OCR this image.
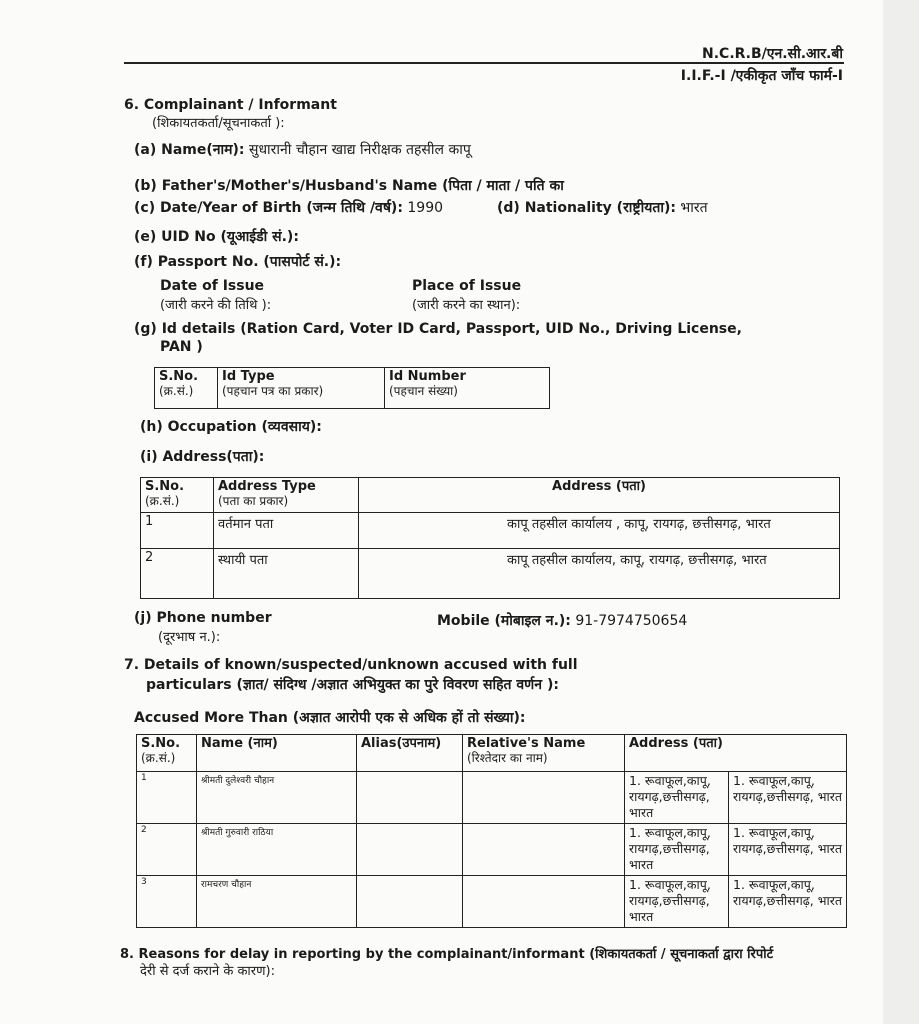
N.C.R.B/एन.सी.आर.बी
I.I.F.-I /एकीकृत जाँच फार्म-I
6. Complainant / Informant
(शिकायतकर्ता/सूचनाकर्ता ):
(a) Name(नाम): सुधारानी चौहान खाद्य निरीक्षक तहसील कापू
(b) Father's/Mother's/Husband's Name (पिता / माता / पति का
(c) Date/Year of Birth (जन्म तिथि /वर्ष): 1990	(d) Nationality (राष्ट्रीयता): भारत
(e) UID No (यूआईडी सं.):
(f) Passport No. (पासपोर्ट सं.):
Date of Issue
(जारी करने की तिथि ):
Place of Issue
(जारी करने का स्थान):
(g) Id details (Ration Card, Voter ID Card, Passport, UID No., Driving License,
PAN )
S.No.
(क्र.सं.)
	Id Type
(पहचान पत्र का प्रकार)
	Id Number
(पहचान संख्या)
(h) Occupation (व्यवसाय):
(i) Address(पता):
S.No.
(क्र.सं.)	Address Type
(पता का प्रकार)	Address (पता)
1	वर्तमान पता	कापू तहसील कार्यालय , कापू, रायगढ़, छत्तीसगढ़, भारत
2	स्थायी पता	कापू तहसील कार्यालय, कापू, रायगढ़, छत्तीसगढ़, भारत
(j) Phone number
(दूरभाष न.):
Mobile (मोबाइल न.): 91-7974750654
7. Details of known/suspected/unknown accused with full
particulars (ज्ञात/ संदिग्ध /अज्ञात अभियुक्त का पुरे विवरण सहित वर्णन ):
Accused More Than (अज्ञात आरोपी एक से अधिक हों तो संख्या):
S.No.
(क्र.सं.)	Name (नाम)	Alias(उपनाम)	Relative's Name
(रिश्तेदार का नाम)	Address (पता)	
1	श्रीमती दुलेश्वरी चौहान			1. रूवाफूल,कापू, रायगढ़,छत्तीसगढ़, भारत	1. रूवाफूल,कापू, रायगढ़,छत्तीसगढ़, भारत
2	श्रीमती गुरुवारी राठिया			1. रूवाफूल,कापू, रायगढ़,छत्तीसगढ़, भारत	1. रूवाफूल,कापू, रायगढ़,छत्तीसगढ़, भारत
3	रामचरण चौहान			1. रूवाफूल,कापू, रायगढ़,छत्तीसगढ़, भारत	1. रूवाफूल,कापू, रायगढ़,छत्तीसगढ़, भारत
8. Reasons for delay in reporting by the complainant/informant (शिकायतकर्ता / सूचनाकर्ता द्वारा रिपोर्ट
देरी से दर्ज कराने के कारण):
